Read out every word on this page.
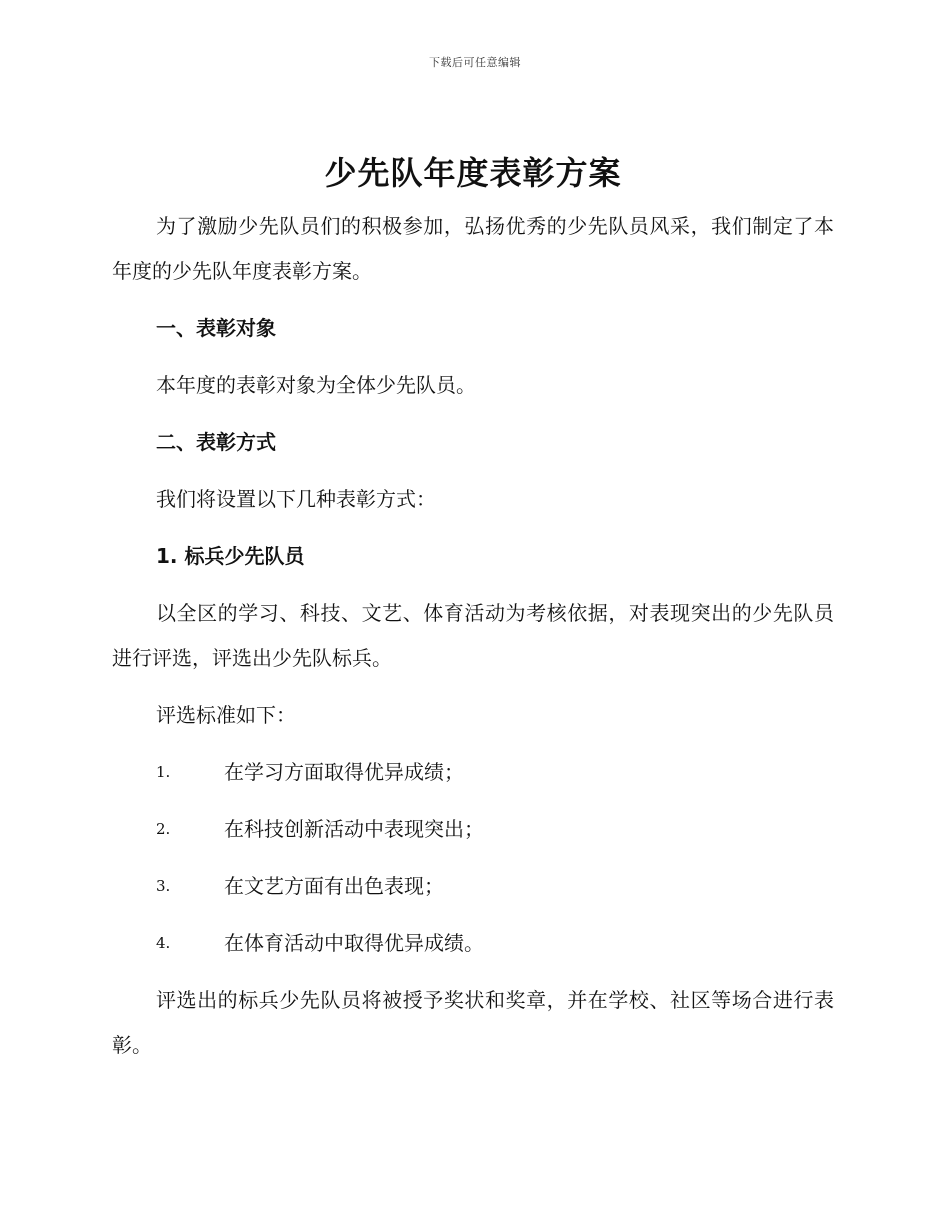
下载后可任意编辑
少先队年度表彰方案

为了激励少先队员们的积极参加，弘扬优秀的少先队员风采，我们制定了本年度的少先队年度表彰方案。

一、表彰对象

本年度的表彰对象为全体少先队员。

二、表彰方式

我们将设置以下几种表彰方式：

1. 标兵少先队员

以全区的学习、科技、文艺、体育活动为考核依据，对表现突出的少先队员进行评选，评选出少先队标兵。

评选标准如下：

1.	在学习方面取得优异成绩；
2.	在科技创新活动中表现突出；
3.	在文艺方面有出色表现；
4.	在体育活动中取得优异成绩。

评选出的标兵少先队员将被授予奖状和奖章，并在学校、社区等场合进行表彰。
